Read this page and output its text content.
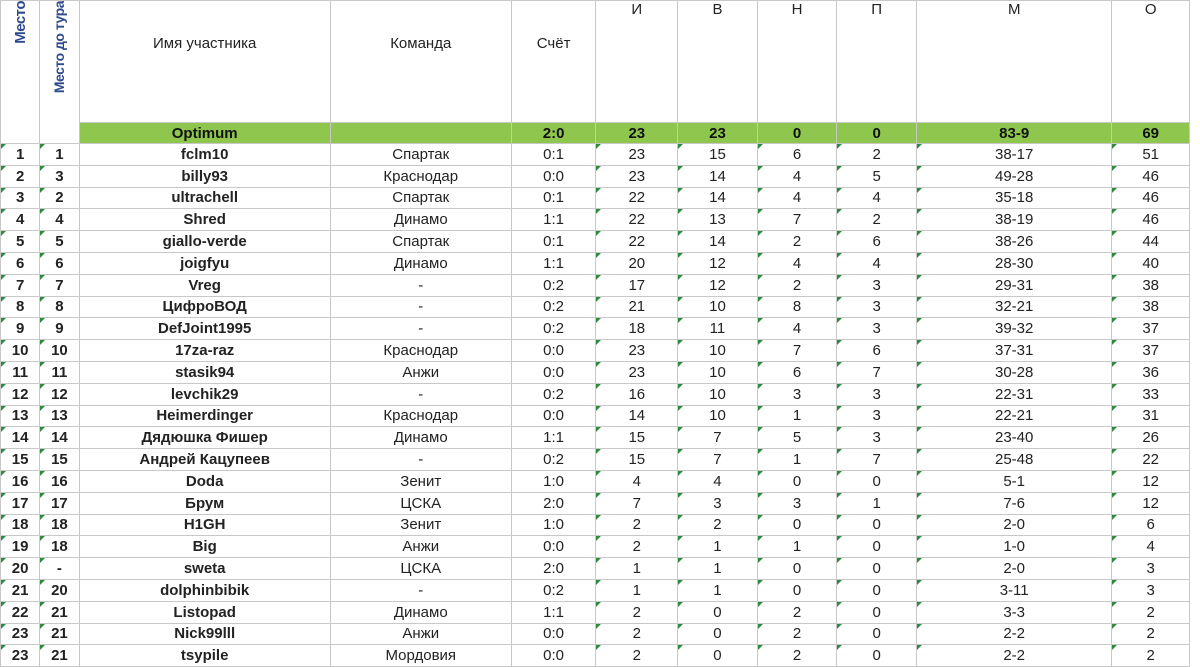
Место	Место до тура	Имя участника	Команда	Счёт	И	В	Н	П	М	О
		Optimum		2:0	23	23	0	0	83-9	69
1	1	fclm10	Спартак	0:1	23	15	6	2	38-17	51
2	3	billy93	Краснодар	0:0	23	14	4	5	49-28	46
3	2	ultrachell	Спартак	0:1	22	14	4	4	35-18	46
4	4	Shred	Динамо	1:1	22	13	7	2	38-19	46
5	5	giallo-verde	Спартак	0:1	22	14	2	6	38-26	44
6	6	joigfyu	Динамо	1:1	20	12	4	4	28-30	40
7	7	Vreg	-	0:2	17	12	2	3	29-31	38
8	8	ЦифроВОД	-	0:2	21	10	8	3	32-21	38
9	9	DefJoint1995	-	0:2	18	11	4	3	39-32	37
10	10	17za-raz	Краснодар	0:0	23	10	7	6	37-31	37
11	11	stasik94	Анжи	0:0	23	10	6	7	30-28	36
12	12	levchik29	-	0:2	16	10	3	3	22-31	33
13	13	Heimerdinger	Краснодар	0:0	14	10	1	3	22-21	31
14	14	Дядюшка Фишер	Динамо	1:1	15	7	5	3	23-40	26
15	15	Андрей Кацупеев	-	0:2	15	7	1	7	25-48	22
16	16	Doda	Зенит	1:0	4	4	0	0	5-1	12
17	17	Брум	ЦСКА	2:0	7	3	3	1	7-6	12
18	18	H1GH	Зенит	1:0	2	2	0	0	2-0	6
19	18	Big	Анжи	0:0	2	1	1	0	1-0	4
20	-	sweta	ЦСКА	2:0	1	1	0	0	2-0	3
21	20	dolphinbibik	-	0:2	1	1	0	0	3-11	3
22	21	Listopad	Динамо	1:1	2	0	2	0	3-3	2
23	21	Nick99lll	Анжи	0:0	2	0	2	0	2-2	2
23	21	tsypile	Мордовия	0:0	2	0	2	0	2-2	2
